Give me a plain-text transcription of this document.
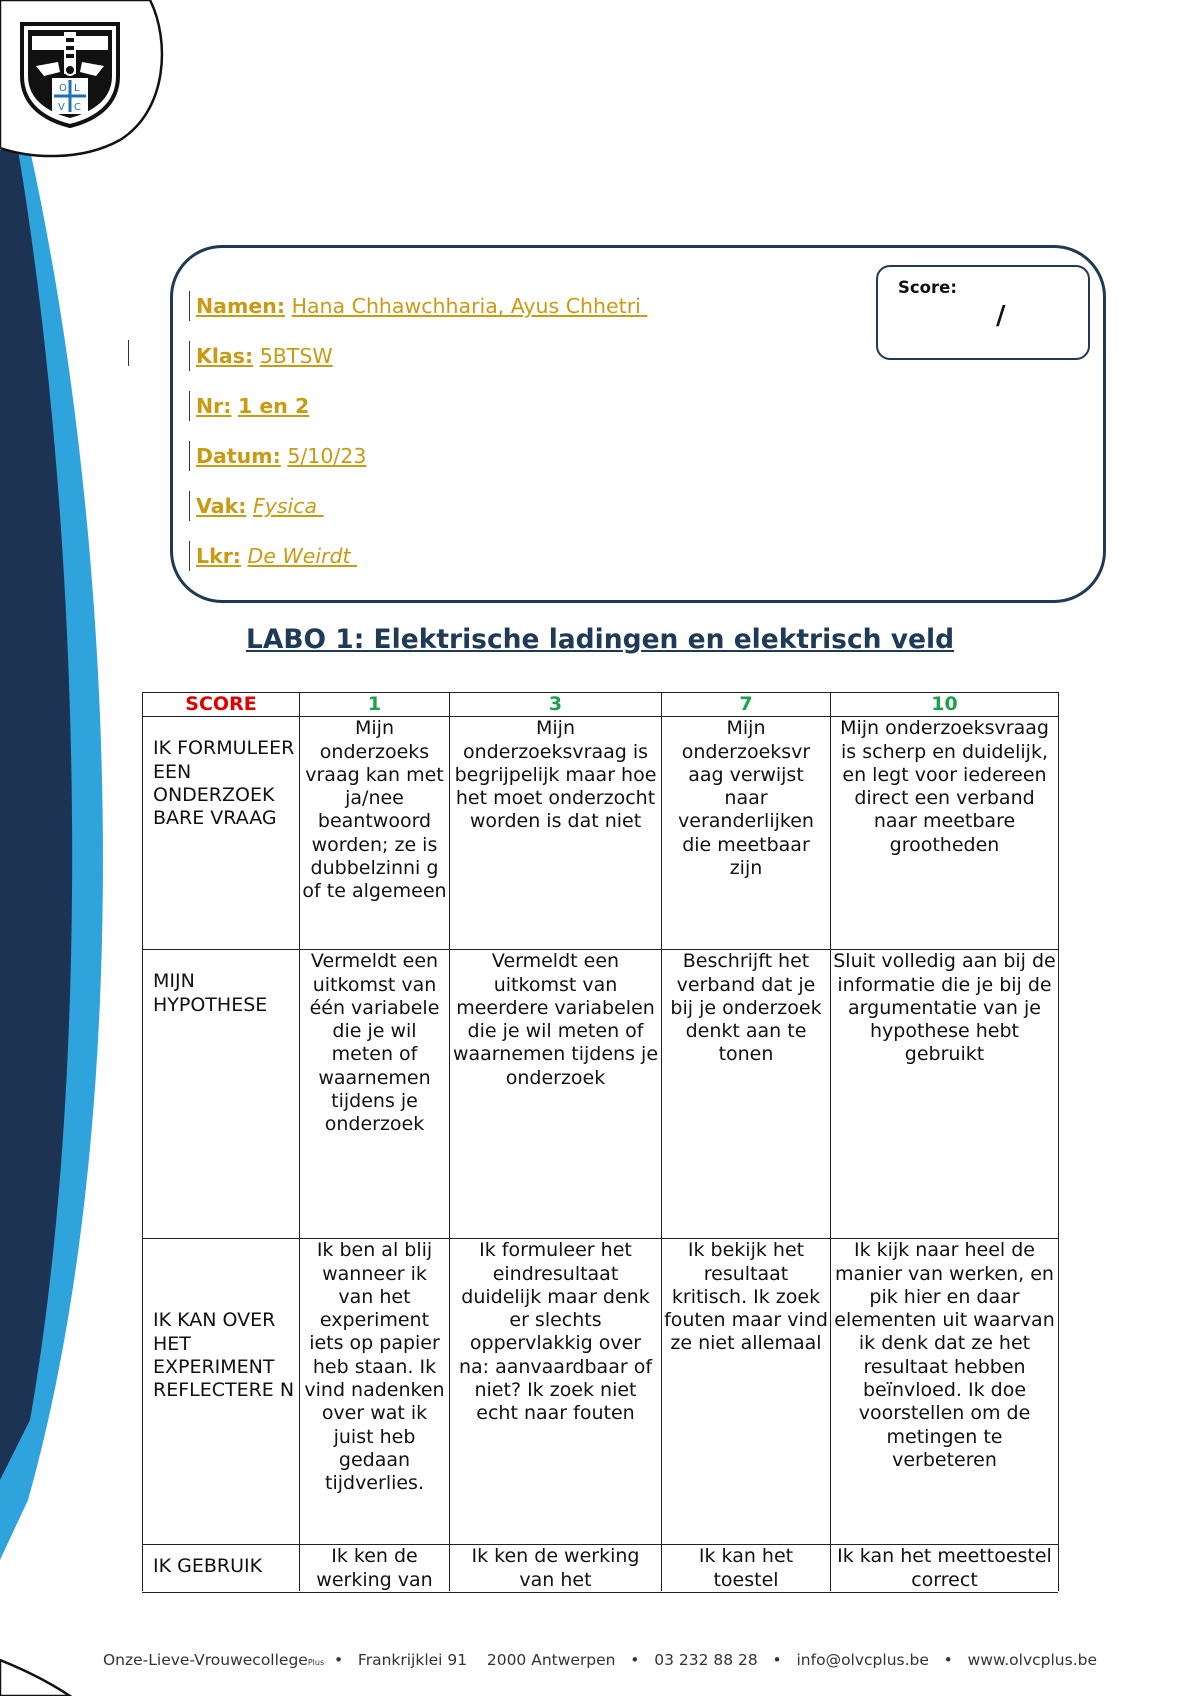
O L
V C
Namen: Hana Chhawchharia, Ayus Chhetri
Klas: 5BTSW
Nr: 1 en 2
Datum: 5/10/23
Vak: Fysica
Lkr: De Weirdt
Score:
/
LABO 1: Elektrische ladingen en elektrisch veld
SCORE	1	3	7	10

IK FORMULEER EEN ONDERZOEK BARE VRAAG	Mijn onderzoeks vraag kan met ja/nee beantwoord worden; ze is dubbelzinni g of te algemeen	Mijn onderzoeksvraag is begrijpelijk maar hoe het moet onderzocht worden is dat niet	Mijn onderzoeksvr aag verwijst naar veranderlijken die meetbaar zijn	Mijn onderzoeksvraag is scherp en duidelijk, en legt voor iedereen direct een verband naar meetbare grootheden

MIJN HYPOTHESE	Vermeldt een uitkomst van één variabele die je wil meten of waarnemen tijdens je onderzoek	Vermeldt een uitkomst van meerdere variabelen die je wil meten of waarnemen tijdens je onderzoek	Beschrijft het verband dat je bij je onderzoek denkt aan te tonen	Sluit volledig aan bij de informatie die je bij de argumentatie van je hypothese hebt gebruikt

IK KAN OVER HET EXPERIMENT REFLECTERE N	Ik ben al blij wanneer ik van het experiment iets op papier heb staan. Ik vind nadenken over wat ik juist heb gedaan tijdverlies.	Ik formuleer het eindresultaat duidelijk maar denk er slechts oppervlakkig over na: aanvaardbaar of niet? Ik zoek niet echt naar fouten	Ik bekijk het resultaat kritisch. Ik zoek fouten maar vind ze niet allemaal	Ik kijk naar heel de manier van werken, en pik hier en daar elementen uit waarvan ik denk dat ze het resultaat hebben beïnvloed. Ik doe voorstellen om de metingen te verbeteren

IK GEBRUIK	Ik ken de werking van	Ik ken de werking van het	Ik kan het toestel	Ik kan het meettoestel correct
Onze-Lieve-VrouwecollegePlus  •   Frankrijklei 91    2000 Antwerpen   •   03 232 88 28   •   info@olvcplus.be   •   www.olvcplus.be
